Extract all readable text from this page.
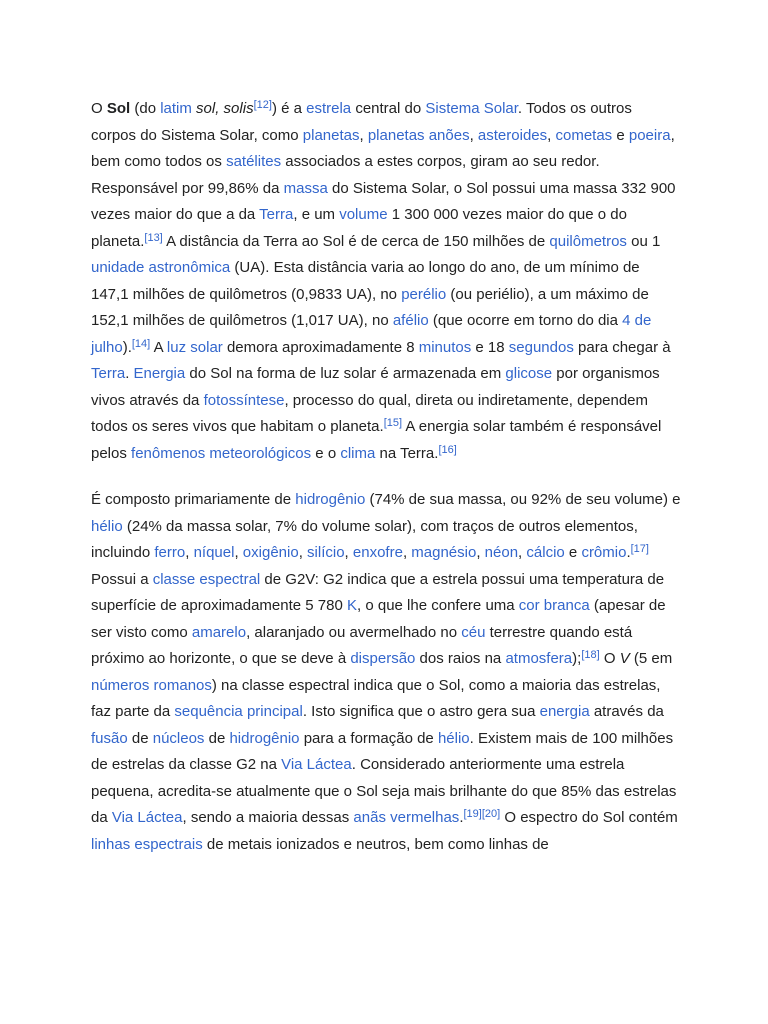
O Sol (do latim sol, solis[12]) é a estrela central do Sistema Solar. Todos os outros corpos do Sistema Solar, como planetas, planetas anões, asteroides, cometas e poeira, bem como todos os satélites associados a estes corpos, giram ao seu redor. Responsável por 99,86% da massa do Sistema Solar, o Sol possui uma massa 332 900 vezes maior do que a da Terra, e um volume 1 300 000 vezes maior do que o do planeta.[13] A distância da Terra ao Sol é de cerca de 150 milhões de quilômetros ou 1 unidade astronômica (UA). Esta distância varia ao longo do ano, de um mínimo de 147,1 milhões de quilômetros (0,9833 UA), no perélio (ou periélio), a um máximo de 152,1 milhões de quilômetros (1,017 UA), no afélio (que ocorre em torno do dia 4 de julho).[14] A luz solar demora aproximadamente 8 minutos e 18 segundos para chegar à Terra. Energia do Sol na forma de luz solar é armazenada em glicose por organismos vivos através da fotossíntese, processo do qual, direta ou indiretamente, dependem todos os seres vivos que habitam o planeta.[15] A energia solar também é responsável pelos fenômenos meteorológicos e o clima na Terra.[16]

É composto primariamente de hidrogênio (74% de sua massa, ou 92% de seu volume) e hélio (24% da massa solar, 7% do volume solar), com traços de outros elementos, incluindo ferro, níquel, oxigênio, silício, enxofre, magnésio, néon, cálcio e crômio.[17] Possui a classe espectral de G2V: G2 indica que a estrela possui uma temperatura de superfície de aproximadamente 5 780 K, o que lhe confere uma cor branca (apesar de ser visto como amarelo, alaranjado ou avermelhado no céu terrestre quando está próximo ao horizonte, o que se deve à dispersão dos raios na atmosfera);[18] O V (5 em números romanos) na classe espectral indica que o Sol, como a maioria das estrelas, faz parte da sequência principal. Isto significa que o astro gera sua energia através da fusão de núcleos de hidrogênio para a formação de hélio. Existem mais de 100 milhões de estrelas da classe G2 na Via Láctea. Considerado anteriormente uma estrela pequena, acredita-se atualmente que o Sol seja mais brilhante do que 85% das estrelas da Via Láctea, sendo a maioria dessas anãs vermelhas.[19][20] O espectro do Sol contém linhas espectrais de metais ionizados e neutros, bem como linhas de
